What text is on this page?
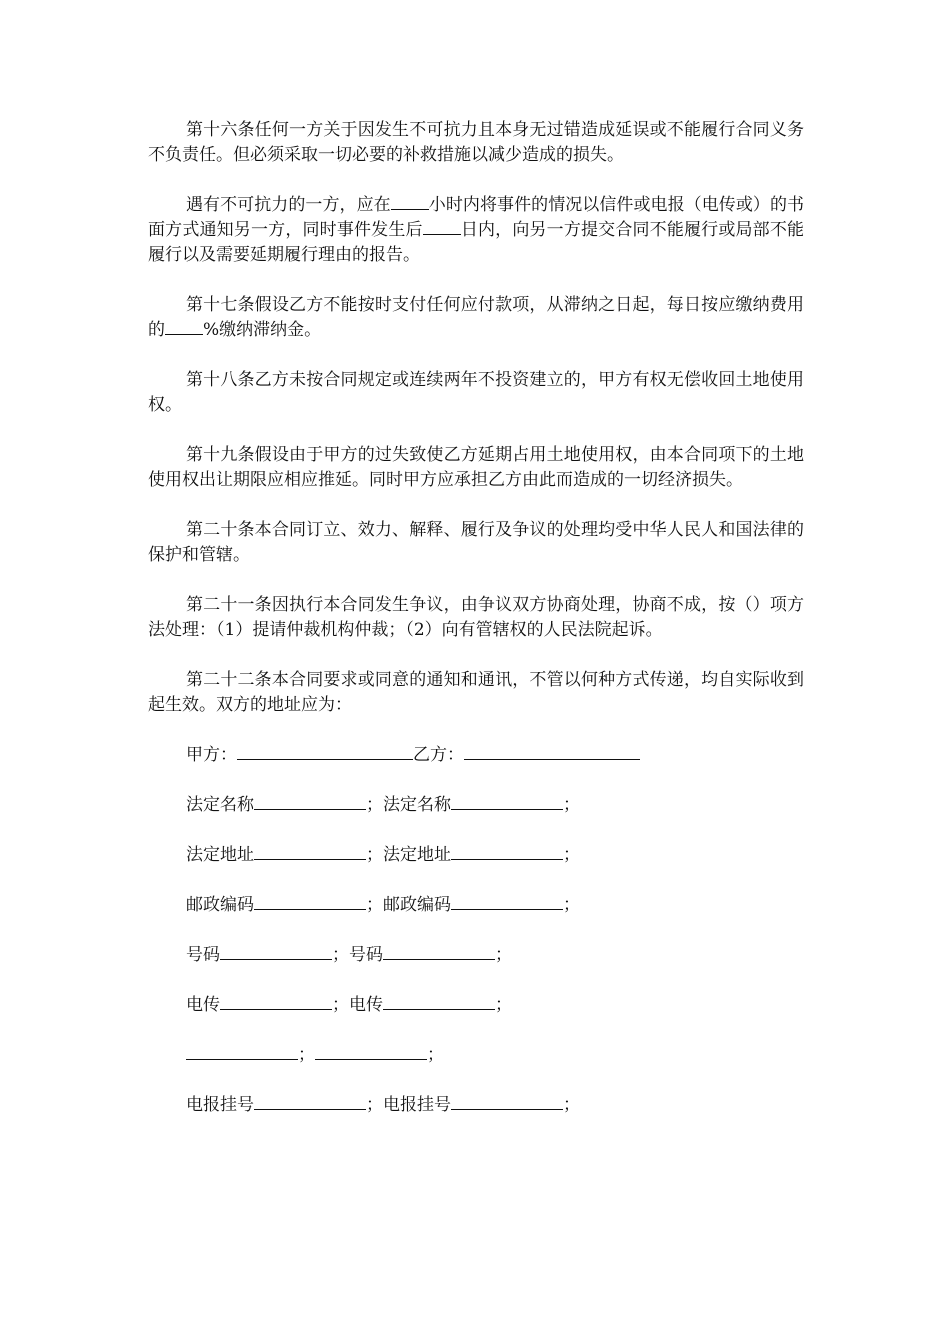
第十六条任何一方关于因发生不可抗力且本身无过错造成延误或不能履行合同义务不负责任。但必须采取一切必要的补救措施以减少造成的损失。

遇有不可抗力的一方，应在 小时内将事件的情况以信件或电报（电传或）的书面方式通知另一方，同时事件发生后 日内，向另一方提交合同不能履行或局部不能履行以及需要延期履行理由的报告。

第十七条假设乙方不能按时支付任何应付款项，从滞纳之日起，每日按应缴纳费用的 %缴纳滞纳金。

第十八条乙方未按合同规定或连续两年不投资建立的，甲方有权无偿收回土地使用权。

第十九条假设由于甲方的过失致使乙方延期占用土地使用权，由本合同项下的土地使用权出让期限应相应推延。同时甲方应承担乙方由此而造成的一切经济损失。

第二十条本合同订立、效力、解释、履行及争议的处理均受中华人民人和国法律的保护和管辖。

第二十一条因执行本合同发生争议，由争议双方协商处理，协商不成，按（）项方法处理：（1）提请仲裁机构仲裁；（2）向有管辖权的人民法院起诉。

第二十二条本合同要求或同意的通知和通讯，不管以何种方式传递，均自实际收到起生效。双方的地址应为：

甲方：	乙方：
法定名称	；法定名称	；
法定地址	；法定地址	；
邮政编码	；邮政编码	；
号码	；号码	；
电传	；电传	；
；	；
电报挂号	；电报挂号	；
